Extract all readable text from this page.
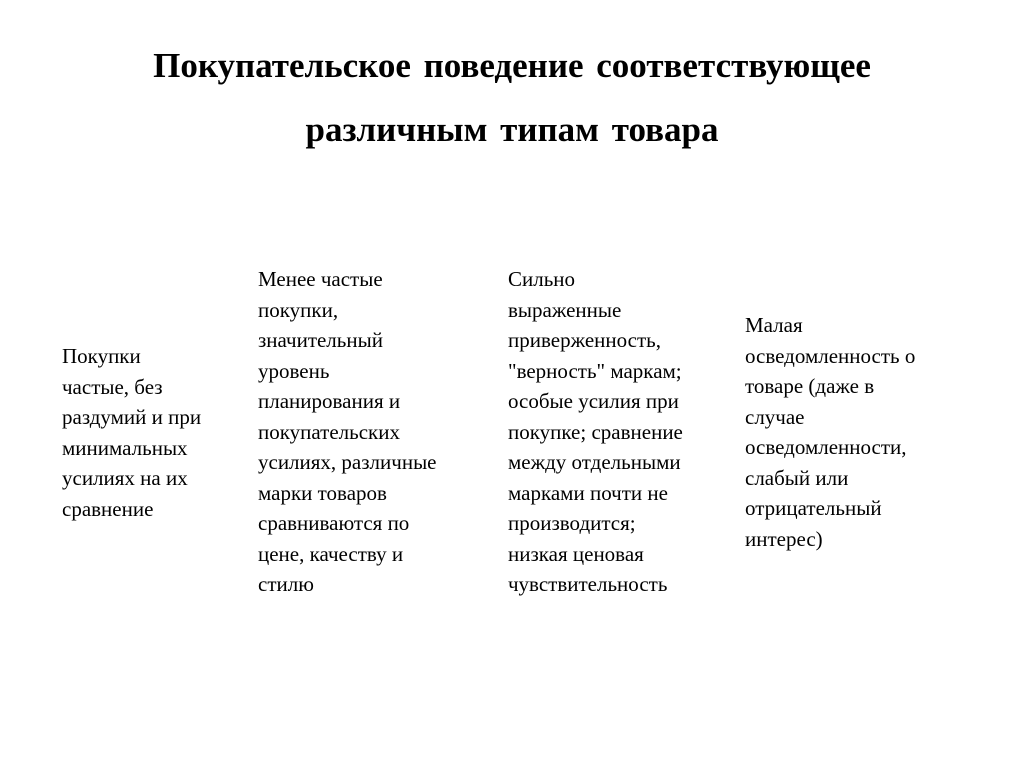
Покупательское поведение соответствующее
различным типам товара
Покупки
частые, без
раздумий и при
минимальных
усилиях на их
сравнение
Менее частые
покупки,
значительный
уровень
планирования и
покупательских
усилиях, различные
марки товаров
сравниваются по
цене, качеству и
стилю
Сильно
выраженные
приверженность,
"верность" маркам;
особые усилия при
покупке; сравнение
между отдельными
марками почти не
производится;
низкая ценовая
чувствительность
Малая
осведомленность о
товаре (даже в
случае
осведомленности,
слабый или
отрицательный
интерес)
